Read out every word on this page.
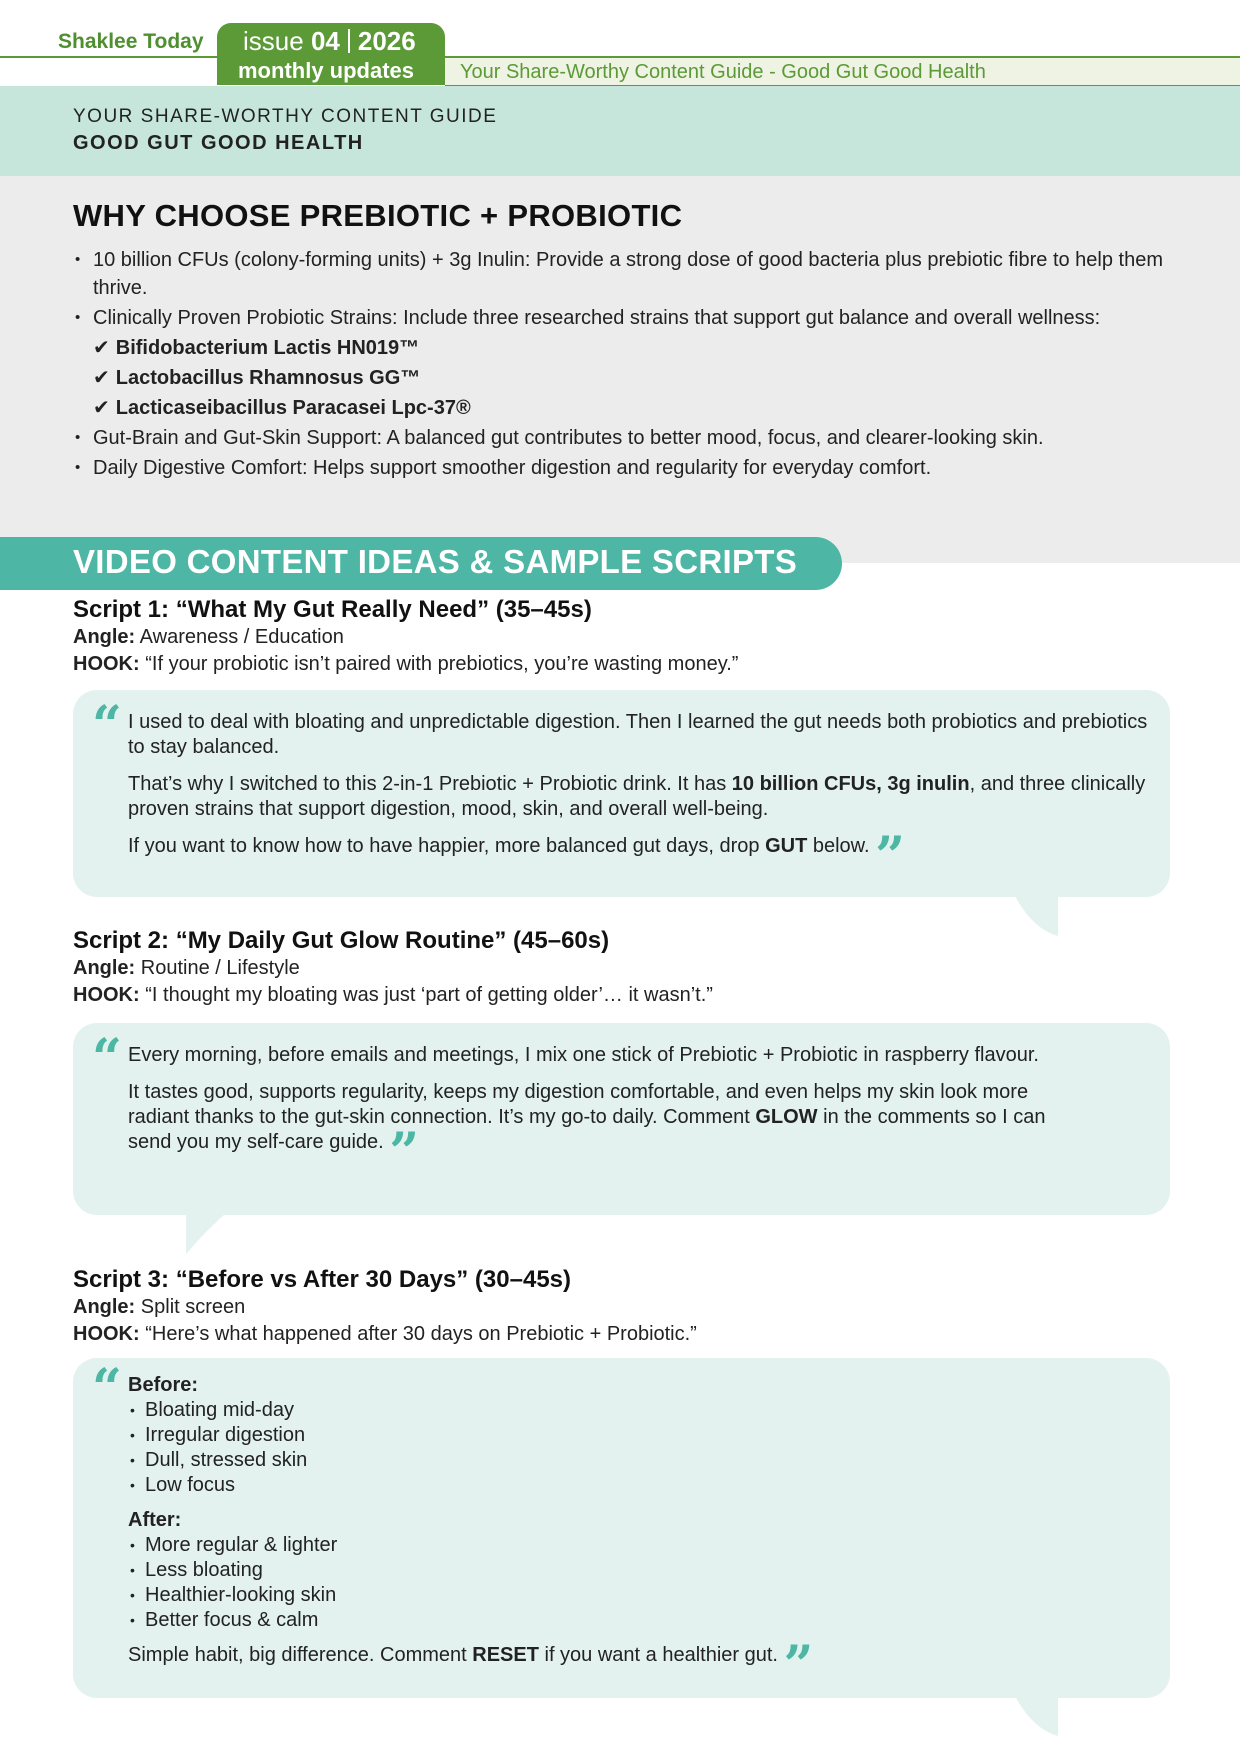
Shaklee Today issue 04 2026
monthly updates Your Share-Worthy Content Guide - Good Gut Good Health
YOUR SHARE-WORTHY CONTENT GUIDE
GOOD GUT GOOD HEALTH
WHY CHOOSE PREBIOTIC + PROBIOTIC
• 10 billion CFUs (colony-forming units) + 3g Inulin: Provide a strong dose of good bacteria plus prebiotic fibre to help them thrive.
• Clinically Proven Probiotic Strains: Include three researched strains that support gut balance and overall wellness:
✔ Bifidobacterium Lactis HN019™
✔ Lactobacillus Rhamnosus GG™
✔ Lacticaseibacillus Paracasei Lpc-37®
• Gut-Brain and Gut-Skin Support: A balanced gut contributes to better mood, focus, and clearer-looking skin.
• Daily Digestive Comfort: Helps support smoother digestion and regularity for everyday comfort.
VIDEO CONTENT IDEAS & SAMPLE SCRIPTS
Script 1: “What My Gut Really Need” (35–45s)
Angle: Awareness / Education
HOOK: “If your probiotic isn’t paired with prebiotics, you’re wasting money.”
“ I used to deal with bloating and unpredictable digestion. Then I learned the gut needs both probiotics and prebiotics to stay balanced.

That’s why I switched to this 2-in-1 Prebiotic + Probiotic drink. It has 10 billion CFUs, 3g inulin, and three clinically proven strains that support digestion, mood, skin, and overall well-being.

If you want to know how to have happier, more balanced gut days, drop GUT below. ”

Script 2: “My Daily Gut Glow Routine” (45–60s)
Angle: Routine / Lifestyle
HOOK: “I thought my bloating was just ‘part of getting older’… it wasn’t.”
“ Every morning, before emails and meetings, I mix one stick of Prebiotic + Probiotic in raspberry flavour.

It tastes good, supports regularity, keeps my digestion comfortable, and even helps my skin look more radiant thanks to the gut-skin connection. It’s my go-to daily. Comment GLOW in the comments so I can send you my self-care guide. ”

Script 3: “Before vs After 30 Days” (30–45s)
Angle: Split screen
HOOK: “Here’s what happened after 30 days on Prebiotic + Probiotic.”
“ Before:
• Bloating mid-day
• Irregular digestion
• Dull, stressed skin
• Low focus
After:
• More regular & lighter
• Less bloating
• Healthier-looking skin
• Better focus & calm

Simple habit, big difference. Comment RESET if you want a healthier gut. ”
